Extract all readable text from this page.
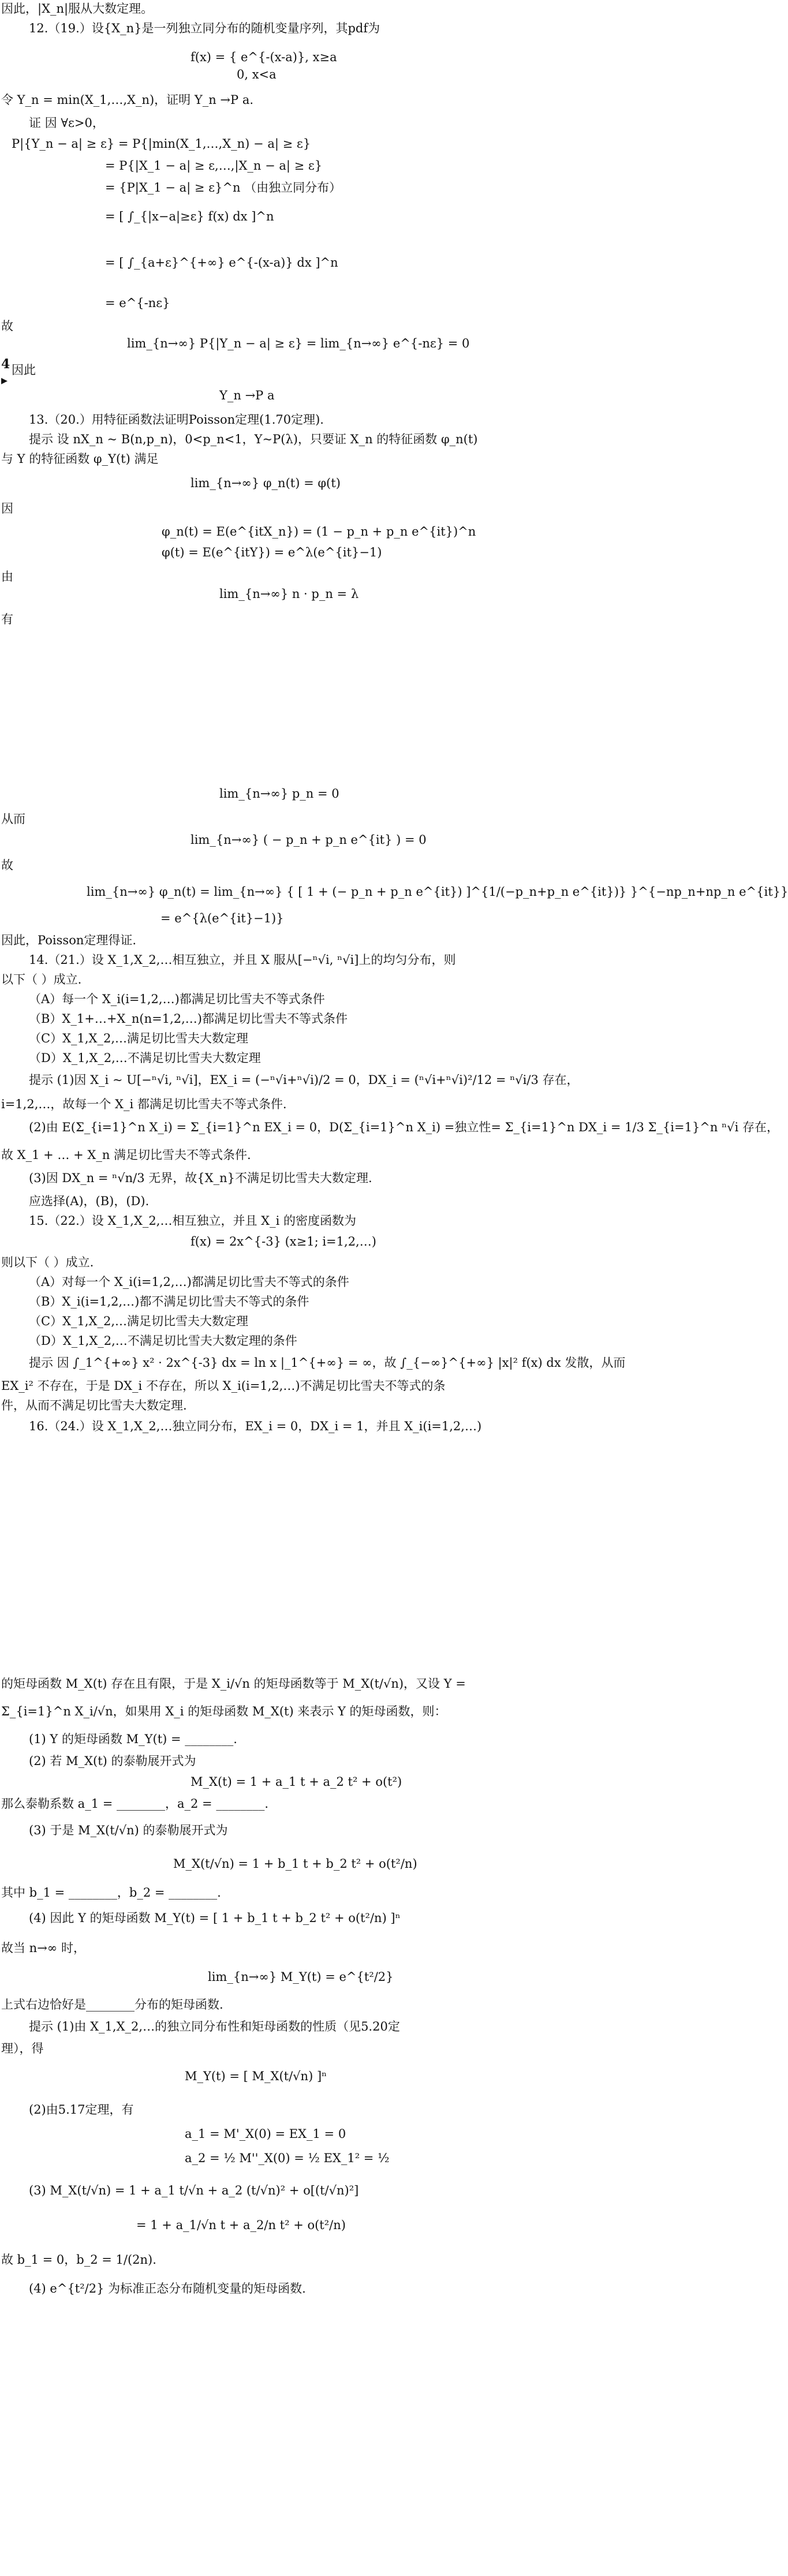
因此，|X_n|服从大数定理。
12.（19.）设{X_n}是一列独立同分布的随机变量序列，其pdf为
f(x) = { e^{-(x-a)}, x≥a
0, x<a
令 Y_n = min(X_1,…,X_n)，证明 Y_n →P a.
证 因 ∀ε>0，
P|{Y_n − a| ≥ ε} = P{|min(X_1,…,X_n) − a| ≥ ε}
= P{|X_1 − a| ≥ ε,…,|X_n − a| ≥ ε}
= {P|X_1 − a| ≥ ε}^n （由独立同分布）
= [ ∫_{|x−a|≥ε} f(x) dx ]^n
= [ ∫_{a+ε}^{+∞} e^{-(x-a)} dx ]^n
= e^{-nε}
故
lim_{n→∞} P{|Y_n − a| ≥ ε} = lim_{n→∞} e^{-nε} = 0
因此
Y_n →P a
13.（20.）用特征函数法证明Poisson定理(1.70定理).
提示 设 nX_n ~ B(n,p_n)，0<p_n<1，Y~P(λ)，只要证 X_n 的特征函数 φ_n(t)
与 Y 的特征函数 φ_Y(t) 满足
lim_{n→∞} φ_n(t) = φ(t)
因
φ_n(t) = E(e^{itX_n}) = (1 − p_n + p_n e^{it})^n
φ(t) = E(e^{itY}) = e^λ(e^{it}−1)
由
lim_{n→∞} n · p_n = λ
有
lim_{n→∞} p_n = 0
从而
lim_{n→∞} ( − p_n + p_n e^{it} ) = 0
故
lim_{n→∞} φ_n(t) = lim_{n→∞} { [ 1 + (− p_n + p_n e^{it}) ]^{1/(−p_n+p_n e^{it})} }^{−np_n+np_n e^{it}}
= e^{λ(e^{it}−1)}
因此，Poisson定理得证.
14.（21.）设 X_1,X_2,…相互独立，并且 X 服从[−ⁿ√i, ⁿ√i]上的均匀分布，则
以下（ ）成立.
（A）每一个 X_i(i=1,2,…)都满足切比雪夫不等式条件
（B）X_1+…+X_n(n=1,2,…)都满足切比雪夫不等式条件
（C）X_1,X_2,…满足切比雪夫大数定理
（D）X_1,X_2,…不满足切比雪夫大数定理
提示 (1)因 X_i ~ U[−ⁿ√i, ⁿ√i]，EX_i = (−ⁿ√i+ⁿ√i)/2 = 0，DX_i = (ⁿ√i+ⁿ√i)²/12 = ⁿ√i/3 存在，
i=1,2,…，故每一个 X_i 都满足切比雪夫不等式条件.
(2)由 E(Σ_{i=1}^n X_i) = Σ_{i=1}^n EX_i = 0，D(Σ_{i=1}^n X_i) =独立性= Σ_{i=1}^n DX_i = 1/3 Σ_{i=1}^n ⁿ√i 存在，
故 X_1 + … + X_n 满足切比雪夫不等式条件.
(3)因 DX_n = ⁿ√n/3 无界，故{X_n}不满足切比雪夫大数定理.
应选择(A)，(B)，(D).
15.（22.）设 X_1,X_2,…相互独立，并且 X_i 的密度函数为
f(x) = 2x^{-3} (x≥1; i=1,2,…)
则以下（ ）成立.
（A）对每一个 X_i(i=1,2,…)都满足切比雪夫不等式的条件
（B）X_i(i=1,2,…)都不满足切比雪夫不等式的条件
（C）X_1,X_2,…满足切比雪夫大数定理
（D）X_1,X_2,…不满足切比雪夫大数定理的条件
提示 因 ∫_1^{+∞} x² · 2x^{-3} dx = ln x |_1^{+∞} = ∞，故 ∫_{−∞}^{+∞} |x|² f(x) dx 发散，从而
EX_i² 不存在，于是 DX_i 不存在，所以 X_i(i=1,2,…)不满足切比雪夫不等式的条
件，从而不满足切比雪夫大数定理.
16.（24.）设 X_1,X_2,…独立同分布，EX_i = 0，DX_i = 1，并且 X_i(i=1,2,…)
的矩母函数 M_X(t) 存在且有限，于是 X_i/√n 的矩母函数等于 M_X(t/√n)，又设 Y =
Σ_{i=1}^n X_i/√n，如果用 X_i 的矩母函数 M_X(t) 来表示 Y 的矩母函数，则：
(1) Y 的矩母函数 M_Y(t) = ________.
(2) 若 M_X(t) 的泰勒展开式为
M_X(t) = 1 + a_1 t + a_2 t² + o(t²)
那么泰勒系数 a_1 = ________，a_2 = ________.
(3) 于是 M_X(t/√n) 的泰勒展开式为
M_X(t/√n) = 1 + b_1 t + b_2 t² + o(t²/n)
其中 b_1 = ________，b_2 = ________.
(4) 因此 Y 的矩母函数 M_Y(t) = [ 1 + b_1 t + b_2 t² + o(t²/n) ]ⁿ
故当 n→∞ 时，
lim_{n→∞} M_Y(t) = e^{t²/2}
上式右边恰好是________分布的矩母函数.
提示 (1)由 X_1,X_2,…的独立同分布性和矩母函数的性质（见5.20定
理），得
M_Y(t) = [ M_X(t/√n) ]ⁿ
(2)由5.17定理，有
a_1 = M'_X(0) = EX_1 = 0
a_2 = ½ M''_X(0) = ½ EX_1² = ½
(3) M_X(t/√n) = 1 + a_1 t/√n + a_2 (t/√n)² + o[(t/√n)²]
= 1 + a_1/√n t + a_2/n t² + o(t²/n)
故 b_1 = 0，b_2 = 1/(2n).
(4) e^{t²/2} 为标准正态分布随机变量的矩母函数.
4
▸
